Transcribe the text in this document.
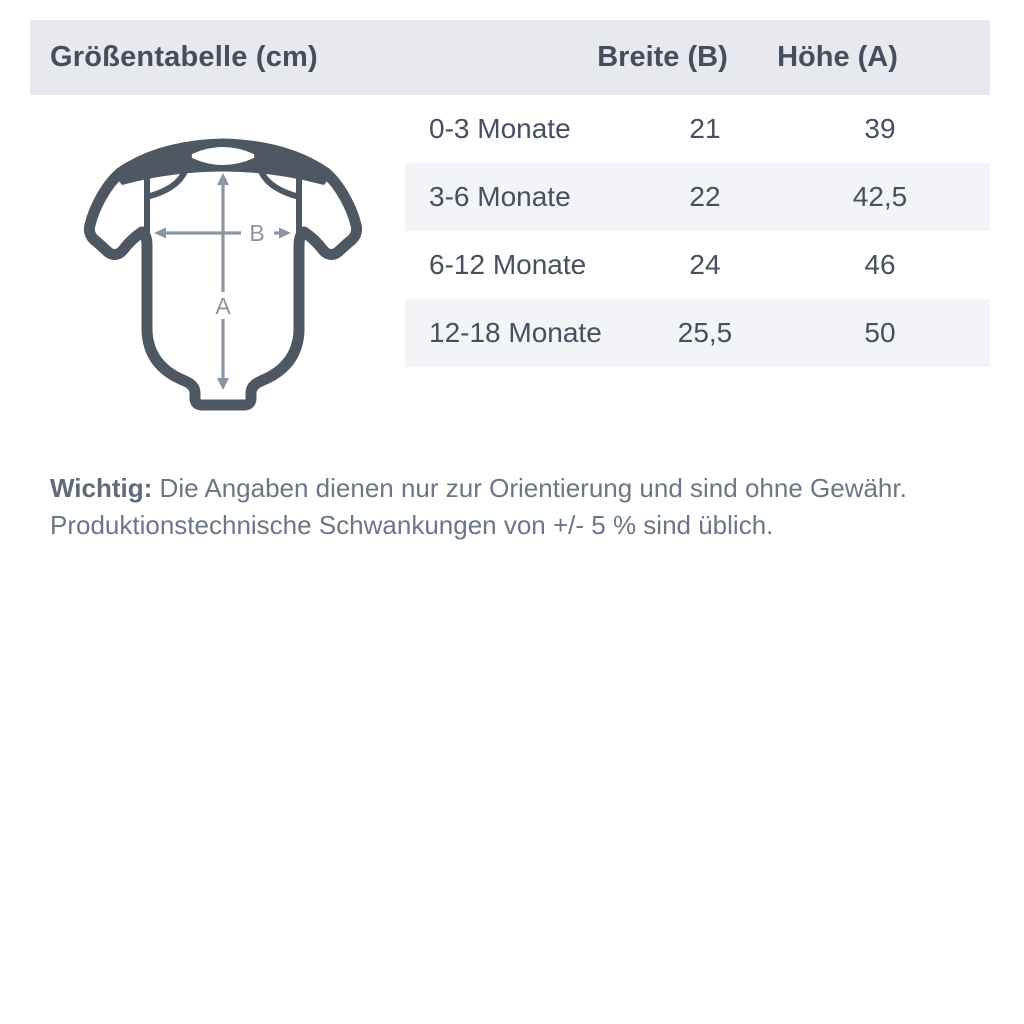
Größentabelle (cm)	Breite (B)	Höhe (A)
B
A
0-3 Monate	21	39
3-6 Monate	22	42,5
6-12 Monate	24	46
12-18 Monate	25,5	50

Wichtig: Die Angaben dienen nur zur Orientierung und sind ohne Gewähr.
Produktionstechnische Schwankungen von +/- 5 % sind üblich.
